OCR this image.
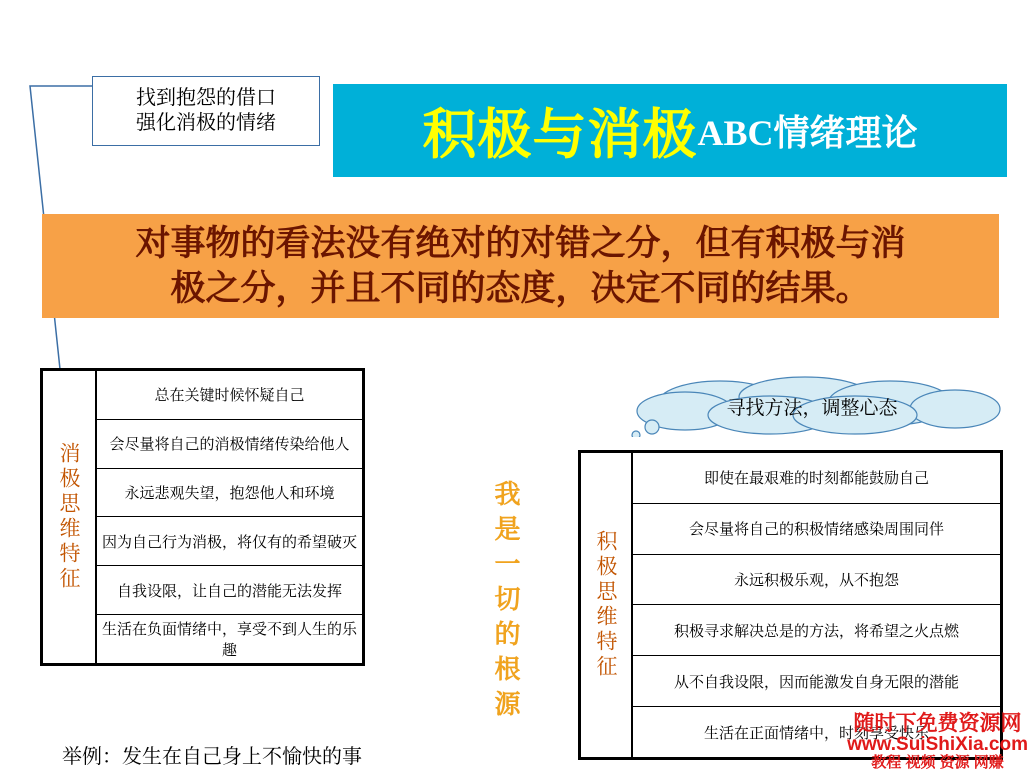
找到抱怨的借口
强化消极的情绪	积极与消极 ABC情绪理论
对事物的看法没有绝对的对错之分，但有积极与消
极之分，并且不同的态度，决定不同的结果。
消极思维特征
总在关键时候怀疑自己
会尽量将自己的消极情绪传染给他人
永远悲观失望，抱怨他人和环境
因为自己行为消极，将仅有的希望破灭
自我设限，让自己的潜能无法发挥
生活在负面情绪中，享受不到人生的乐趣	我是一切的根源
寻找方法，调整心态
积极思维特征
即使在最艰难的时刻都能鼓励自己
会尽量将自己的积极情绪感染周围同伴
永远积极乐观，从不抱怨
积极寻求解决总是的方法，将希望之火点燃
从不自我设限，因而能激发自身无限的潜能
生活在正面情绪中，时刻享受快乐
举例：发生在自己身上不愉快的事
随时下免费资源网
www.SuiShiXia.com
教程 视频 资源 网赚
